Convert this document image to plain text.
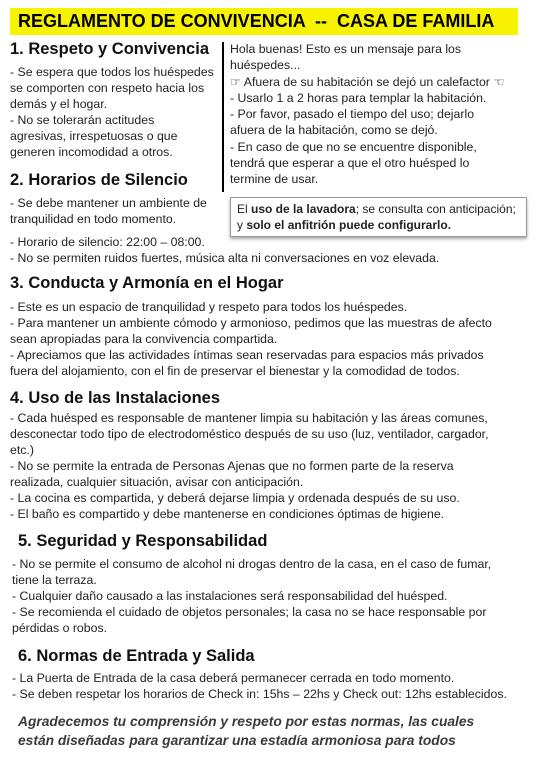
REGLAMENTO DE CONVIVENCIA  --  CASA DE FAMILIA
1. Respeto y Convivencia
- Se espera que todos los huéspedes
se comporten con respeto hacia los
demás y el hogar.
- No se tolerarán actitudes
agresivas, irrespetuosas o que
generen incomodidad a otros.
Hola buenas! Esto es un mensaje para los
huéspedes...
☞ Afuera de su habitación se dejó un calefactor ☜
- Usarlo 1 a 2 horas para templar la habitación.
- Por favor, pasado el tiempo del uso; dejarlo
afuera de la habitación, como se dejó.
- En caso de que no se encuentre disponible,
tendrá que esperar a que el otro huésped lo
termine de usar.
2. Horarios de Silencio
- Se debe mantener un ambiente de
tranquilidad en todo momento.
- Horario de silencio: 22:00 – 08:00.
- No se permiten ruidos fuertes, música alta ni conversaciones en voz elevada.
El uso de la lavadora; se consulta con anticipación;
y solo el anfitrión puede configurarlo.
3. Conducta y Armonía en el Hogar
- Este es un espacio de tranquilidad y respeto para todos los huéspedes.
- Para mantener un ambiente cómodo y armonioso, pedimos que las muestras de afecto
sean apropiadas para la convivencia compartida.
- Apreciamos que las actividades íntimas sean reservadas para espacios más privados
fuera del alojamiento, con el fin de preservar el bienestar y la comodidad de todos.
4. Uso de las Instalaciones
- Cada huésped es responsable de mantener limpia su habitación y las áreas comunes,
desconectar todo tipo de electrodoméstico después de su uso (luz, ventilador, cargador,
etc.)
- No se permite la entrada de Personas Ajenas que no formen parte de la reserva
realizada, cualquier situación, avisar con anticipación.
- La cocina es compartida, y deberá dejarse limpia y ordenada después de su uso.
- El baño es compartido y debe mantenerse en condiciones óptimas de higiene.
5. Seguridad y Responsabilidad
- No se permite el consumo de alcohol ni drogas dentro de la casa, en el caso de fumar,
tiene la terraza.
- Cualquier daño causado a las instalaciones será responsabilidad del huésped.
- Se recomienda el cuidado de objetos personales; la casa no se hace responsable por
pérdidas o robos.
6. Normas de Entrada y Salida
- La Puerta de Entrada de la casa deberá permanecer cerrada en todo momento.
- Se deben respetar los horarios de Check in: 15hs – 22hs y Check out: 12hs establecidos.
Agradecemos tu comprensión y respeto por estas normas, las cuales
están diseñadas para garantizar una estadía armoniosa para todos
